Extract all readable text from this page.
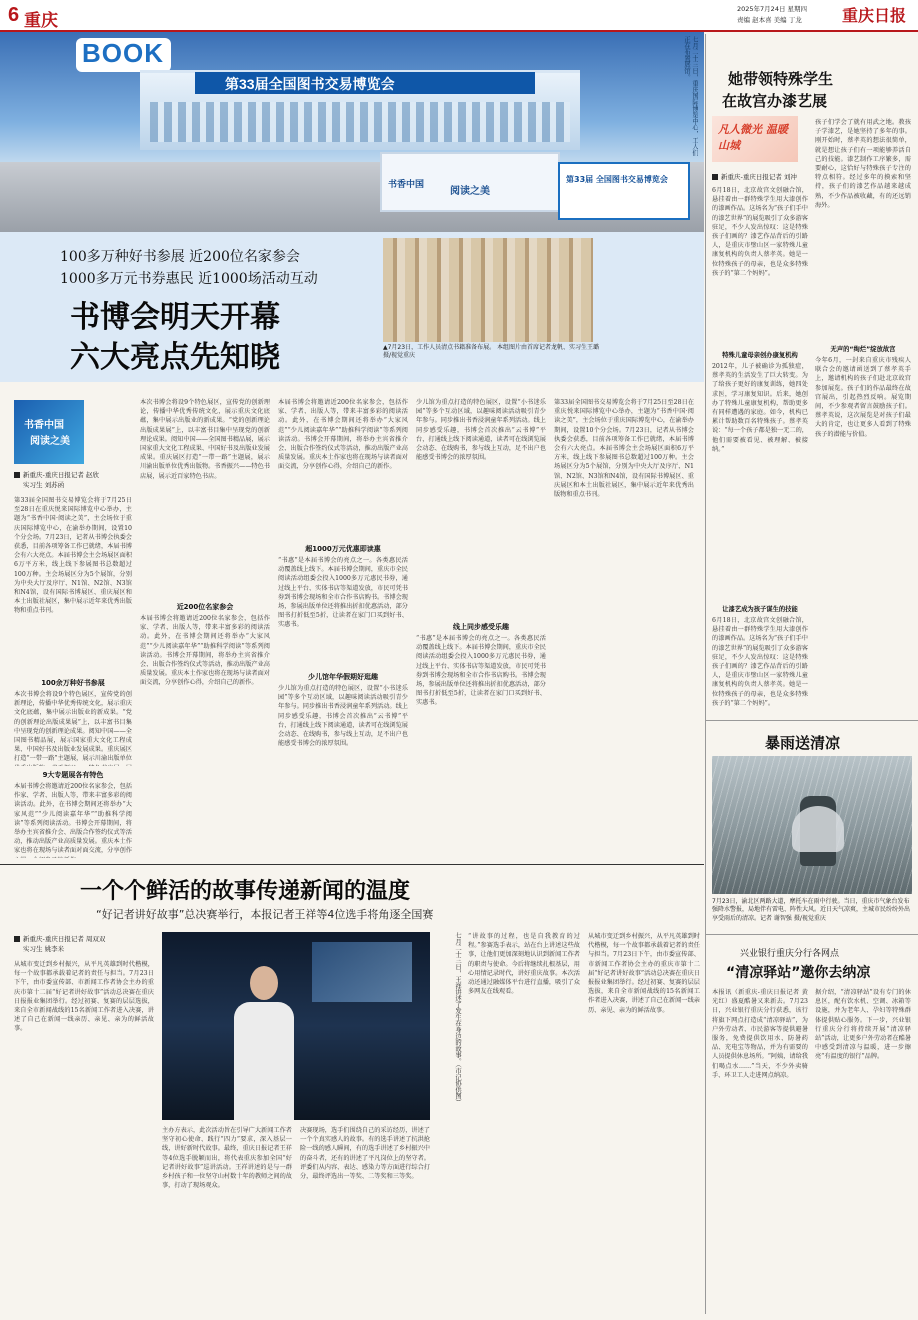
6 重庆
2025年7月24日 星期四
责编 赵本喜 美编 丁龙	重庆日报
BOOK
第33届全国图书交易博览会
书香中国
阅读之美
第33届 全国图书交易博览会
七月二十三日，重庆国际博览中心，工人们正在布置展馆。
100多万种好书参展 近200位名家参会
1000多万元书券惠民 近1000场活动互动
书博会明天开幕
六大亮点先知晓	▲7月23日，工作人员清点书籍准备布展。 本组图片由首席记者龙帆、实习生王璐摄/视觉重庆
书香中国
阅读之美
新重庆-重庆日报记者 赵欣
实习生 刘苏函
第33届全国图书交易博览会将于7月25日至28日在重庆悦来国际博览中心举办，主题为“书香中国·阅读之美”，主会场位于重庆国际博览中心，在渝举办期间，设置10个分会场。7月23日，记者从书博会执委会获悉，目前各项筹备工作已就绪，本届书博会有六大亮点。本届书博会主会场展区面积6万平方米，线上线下参展图书总数超过100万种。主会场展区分为5个展馆，分别为中央大厅及序厅、N1馆、N2馆、N3馆和N4馆，设有国际书博展区、重庆展区和本土出版社展区，集中展示近年来优秀出版物和重点书刊。
100余万种好书参展
9大专题展各有特色
本次书博会将设9个特色展区，宣传党的创新理论，传播中华优秀传统文化，展示重庆文化底蕴，集中展示出版业的新成果。“党的创新理论出版成果展”上，以丰富书目集中呈现党的创新理论成果。阅知中国——全国图书精品展，展示国家重大文化工程成果、中国好书及出版业发展成果。重庆展区打造“一带一路”主题展，展示川渝出版单位
本届书博会将邀请近200位名家参会，包括作家、学者、出版人等，带来丰富多彩的阅读活动。此外，在书博会期间还将举办“大家风范”“少儿阅读嘉年华”“助推科学阅读”等系列阅读活动。书博会开幕期间，将举办主宾省推介会、出版合作签约仪式等活动，推动出版产业高质量发展。重庆本土作家也将在现场与读者面对面交流，分享创作
本次书博会将设9个特色展区，宣传党的创新理论，传播中华优秀传统文化，展示重庆文化底蕴，集中展示出版业的新成果。“党的创新理论出版成果展”上，以丰富书目集中呈现党的创新理论成果。阅知中国——全国图书精品展，展示国家重大文化工程成果、中国好书及出版业发展成果。重庆展区打造“一带一路”主题展，展示川渝出版单位优秀出版物。书香振兴——特色书店展，展示近百家特色书店。
近200位名家参会
本届书博会将邀请近200位名家参会，包括作家、学者、出版人等，带来丰富多彩的阅读活动。此外，在书博会期间还将举办“大家风范”“少儿阅读嘉年华”“助推科学阅读”等系列阅读活动。书博会开幕期间，将举办主宾省推介会、出版合作签约仪式等活动，推动出版产业高质量发展。重庆本土作家也将在现场与读者面对面交流，分享创作心得，介绍自己的新作。
本届书博会将邀请近200位名家参会，包括作家、学者、出版人等，带来丰富多彩的阅读活动。此外，在书博会期间还将举办“大家风范”“少儿阅读嘉年华”“助推科学阅读”等系列阅读活动。书博会开幕期间，将举办主宾省推介会、出版合作签约仪式等活动，推动出版产业高质量发展。重庆本土作家也将在现场与读者面对面交流，分享创作心得，介绍自己的新作。
超1000万元优惠即读惠
“书惠”是本届书博会的亮点之一。各类惠民活动覆盖线上线下。本届书博会期间，重庆市全民阅读活动组委会投入1000多万元惠民书券，通过线上平台、实体书店等渠道发放，市民可凭书券到书博会现场和全市合作书店购书。书博会现场，参展出版单位还将推出折扣优惠活动，部分图书打折低至5折，让读者在家门口买到好书、实惠书。
少儿馆年华假期好逛趣
少儿馆为重点打造的特色展区，设置“小书迷乐园”等多个互动区域，以趣味阅读活动吸引青少年参与。同步推出书香浸润童年系列活动。线上同步感受乐趣，书博会首次推出“云书博”平台，打通线上线下阅读通道，读者可在线浏览展会动态、在线购书，参与线上互动，足不出户也能感受书博会的浓厚氛围。
少儿馆为重点打造的特色展区，设置“小书迷乐园”等多个互动区域，以趣味阅读活动吸引青少年参与。同步推出书香浸润童年系列活动。线上同步感受乐趣，书博会首次推出“云书博”平台，打通线上线下阅读通道，读者可在线浏览展会动态、在线购书，参与线上互动，足不出户也能感受书博会的浓厚氛围。
线上同步感受乐趣
“书惠”是本届书博会的亮点之一。各类惠民活动覆盖线上线下。本届书博会期间，重庆市全民阅读活动组委会投入1000多万元惠民书券，通过线上平台、实体书店等渠道发放，市民可凭书券到书博会现场和全市合作书店购书。书博会现场，参展出版单位还将推出折扣优惠活动，部分图书打折低至5折，让读者在家门口买到好书、实惠书。
第33届全国图书交易博览会将于7月25日至28日在重庆悦来国际博览中心举办，主题为“书香中国·阅读之美”，主会场位于重庆国际博览中心，在渝举办期间，设置10个分会场。7月23日，记者从书博会执委会获悉，目前各项筹备工作已就绪，本届书博会有六大亮点。本届书博会主会场展区面积6万平方米，线上线下参展图书总数超过100万种。主会场展区分为5个展馆，分别为中央大厅及序厅、N1馆、N2馆、N3馆和N4馆，设有国际书博展区、重庆展区和本土出版社展区，集中展示近年来优秀出版物和重点书刊。
她带领特殊学生
在故宫办漆艺展
凡人微光 温暖山城
新重庆-重庆日报记者 刘冲
6月18日，北京故宫文创融合馆，悬挂着由一群特殊学生用大漆创作的漆画作品。这场名为“孩子们手中的漆艺世界”的展览吸引了众多游客驻足，不少人发出惊叹：这是特殊孩子们画的？漆艺作品背后的引路人，是重庆市璧山区一家特殊儿童康复机构的负责人蔡孝英。她是一位特殊孩子的母亲，也是众多特殊孩子的“第二个妈妈”。
特殊儿童母亲创办康复机构
2012年，儿子被确诊为孤独症，蔡孝英的生活发生了巨大转变。为了给孩子更好的康复训练，她四处求医，学习康复知识。后来，她创办了特殊儿童康复机构，帮助更多有同样遭遇的家庭。如今，机构已累计帮助数百名特殊孩子。蔡孝英说：“每一个孩子都是独一无二的，他们需要被看见、被理解、被接纳。”
让漆艺成为孩子谋生的技能
6月18日，北京故宫文创融合馆，悬挂着由一群特殊学生用大漆创作的漆画作品。这场名为“孩子们手中的漆艺世界”的展览吸引了众多游客驻足，不少人发出惊叹：这是特殊孩子们画的？漆艺作品背后的引路人，是重庆市璧山区一家特殊儿童康复机构的负责人蔡孝英。她是一位特殊孩子的母亲，也是众多特殊孩子的“第二个妈妈”。
孩子们学会了就有用武之地。教孩子学漆艺，是她坚持了多年的事。刚开始时，蔡孝英的想法很简单，就是想让孩子们有一项能够养活自己的技能。漆艺制作工序繁多，需要耐心，这恰好与特殊孩子专注的特点相符。经过多年的摸索和坚持，孩子们的漆艺作品越来越成熟，不少作品被收藏，有的还远销海外。
无声的“绚烂”绽放故宫
今年6月，一封来自重庆市残疾人联合会的邀请函送到了蔡孝英手上，邀请机构的孩子们赴北京故宫参加展览。孩子们的作品最终在故宫展出，引起热烈反响。展览期间，不少参观者留言鼓励孩子们。蔡孝英说，这次展览是对孩子们最大的肯定，也让更多人看到了特殊孩子的潜能与价值。
暴雨送清凉
7月23日，渝北区两路大道，摩托车在雨中行驶。当日，重庆市气象台发布强降水警报，局地伴有雷电、阵性大风。近日天气凉爽，主城市民纷纷外出享受雨后的清凉。记者 谢智强 摄/视觉重庆
兴业银行重庆分行各网点
“清凉驿站”邀你去纳凉
本报讯（新重庆-重庆日报记者 黄光红）盛夏酷暑又来新去。7月23日，兴业银行重庆分行获悉，该行将旗下网点打造成“清凉驿站”，为户外劳动者、市民游客等提供避暑服务，免费提供饮用水、防暑药品、充电宝等物品，并为有需要的人员提供休息场所。“阿姨，请给我们喝点水……”当天，不少外卖骑手、环卫工人走进网点纳凉。
据介绍，“清凉驿站”设有专门的休息区，配有饮水机、空调、冰箱等设施，并为老年人、孕妇等特殊群体提供贴心服务。下一步，兴业银行重庆分行将持续开展“清凉驿站”活动，让更多户外劳动者在酷暑中感受到清凉与温暖，进一步擦亮“有温度的银行”品牌。
一个个鲜活的故事传递新闻的温度
“好记者讲好故事”总决赛举行，本报记者王祥等4位选手将角逐全国赛
新重庆-重庆日报记者 周双双
实习生 姚李米
从城市变迁到乡村振兴，从平凡英雄到时代楷模，每一个故事都承载着记者的责任与担当。7月23日下午，由市委宣传部、市新闻工作者协会主办的重庆市第十二届“好记者讲好故事”活动总决赛在重庆日报报业集团举行。经过初赛、复赛的层层选拔，来自全市新闻战线的15名新闻工作者进入决赛，讲述了自己在新闻一线亲历、亲见、亲为的鲜活故事。	七月二十三日，王祥讲述了发生在身边的故事。（市记协供图）
主办方表示，此次活动旨在引导广大新闻工作者坚守初心使命、践行“四力”要求，深入基层一线，讲好新时代故事。最终，重庆日报记者王祥等4位选手脱颖而出，将代表重庆参加全国“好记者讲好故事”巡讲活动。王祥讲述的是与一群乡村孩子和一位坚守山村数十年的教师之间的故事，打动了现场观众。
决赛现场，选手们围绕自己的采访经历，讲述了一个个真实感人的故事。有的选手讲述了抗洪抢险一线的感人瞬间，有的选手讲述了乡村振兴中的奋斗者，还有的讲述了平凡岗位上的坚守者。评委们从内容、表达、感染力等方面进行综合打分，最终评选出一等奖、二等奖和三等奖。
“讲故事的过程，也是自我教育的过程。”参赛选手表示，站在台上讲述这些故事，让他们更加深刻地认识到新闻工作者的职责与使命。今后将继续扎根基层，用心用情记录时代，讲好重庆故事。本次活动还通过融媒体平台进行直播，吸引了众多网友在线观看。
从城市变迁到乡村振兴，从平凡英雄到时代楷模，每一个故事都承载着记者的责任与担当。7月23日下午，由市委宣传部、市新闻工作者协会主办的重庆市第十二届“好记者讲好故事”活动总决赛在重庆日报报业集团举行。经过初赛、复赛的层层选拔，来自全市新闻战线的15名新闻工作者进入决赛，讲述了自己在新闻一线亲历、亲见、亲为的鲜活故事。
